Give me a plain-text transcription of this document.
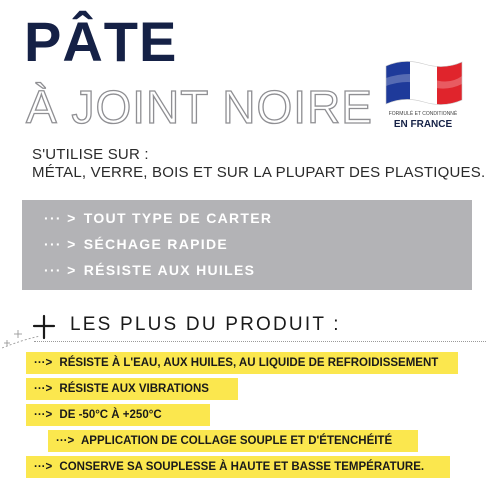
PÂTE
À JOINT NOIRE	FORMULÉ ET CONDITIONNÉ
EN FRANCE
S'UTILISE SUR :
MÉTAL, VERRE, BOIS ET SUR LA PLUPART DES PLASTIQUES.
··· > TOUT TYPE DE CARTER
··· > SÉCHAGE RAPIDE
··· > RÉSISTE AUX HUILES
LES PLUS DU PRODUIT :
···> RÉSISTE À L'EAU, AUX HUILES, AU LIQUIDE DE REFROIDISSEMENT
···> RÉSISTE AUX VIBRATIONS
···> DE -50°C À +250°C
···> APPLICATION DE COLLAGE SOUPLE ET D'ÉTENCHÉITÉ
···> CONSERVE SA SOUPLESSE À HAUTE ET BASSE TEMPÉRATURE.
